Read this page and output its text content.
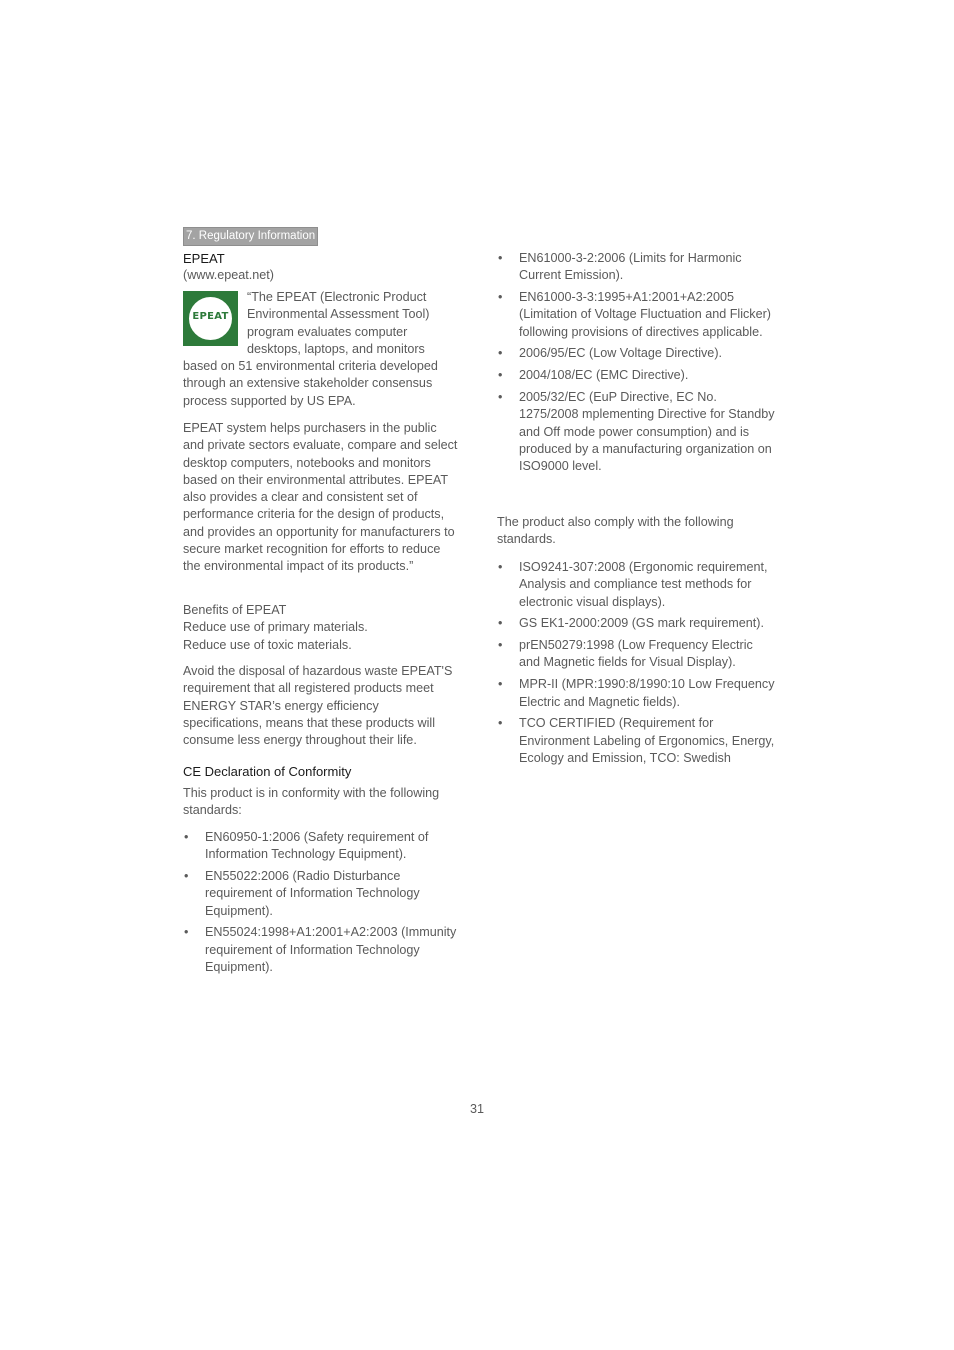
7. Regulatory Information
EPEAT

(www.epeat.net)

EPEAT

“The EPEAT (Electronic Product Environmental Assessment Tool) program evaluates computer desktops, laptops, and monitors based on 51 environmental criteria developed through an extensive stakeholder consensus process supported by US EPA.

EPEAT system helps purchasers in the public and private sectors evaluate, compare and select desktop computers, notebooks and monitors based on their environmental attributes. EPEAT also provides a clear and consistent set of performance criteria for the design of products, and provides an opportunity for manufacturers to secure market recognition for efforts to reduce the environmental impact of its products.”

Benefits of EPEAT

Reduce use of primary materials.

Reduce use of toxic materials.

Avoid the disposal of hazardous waste EPEAT'S requirement that all registered products meet ENERGY STAR’s energy efficiency specifications, means that these products will consume less energy throughout their life.

CE Declaration of Conformity

This product is in conformity with the following standards:

• EN60950-1:2006 (Safety requirement of Information Technology Equipment).
• EN55022:2006 (Radio Disturbance requirement of Information Technology Equipment).
• EN55024:1998+A1:2001+A2:2003 (Immunity requirement of Information Technology Equipment).
• EN61000-3-2:2006 (Limits for Harmonic Current Emission).
• EN61000-3-3:1995+A1:2001+A2:2005 (Limitation of Voltage Fluctuation and Flicker) following provisions of directives applicable.
• 2006/95/EC (Low Voltage Directive).
• 2004/108/EC (EMC Directive).
• 2005/32/EC (EuP Directive, EC No. 1275/2008 mplementing Directive for Standby and Off mode power consumption) and is produced by a manufacturing organization on ISO9000 level.

The product also comply with the following standards.

• ISO9241-307:2008 (Ergonomic requirement, Analysis and compliance test methods for electronic visual displays).
• GS EK1-2000:2009 (GS mark requirement).
• prEN50279:1998 (Low Frequency Electric and Magnetic fields for Visual Display).
• MPR-II (MPR:1990:8/1990:10 Low Frequency Electric and Magnetic fields).
• TCO CERTIFIED (Requirement for Environment Labeling of Ergonomics, Energy, Ecology and Emission, TCO: Swedish
31
